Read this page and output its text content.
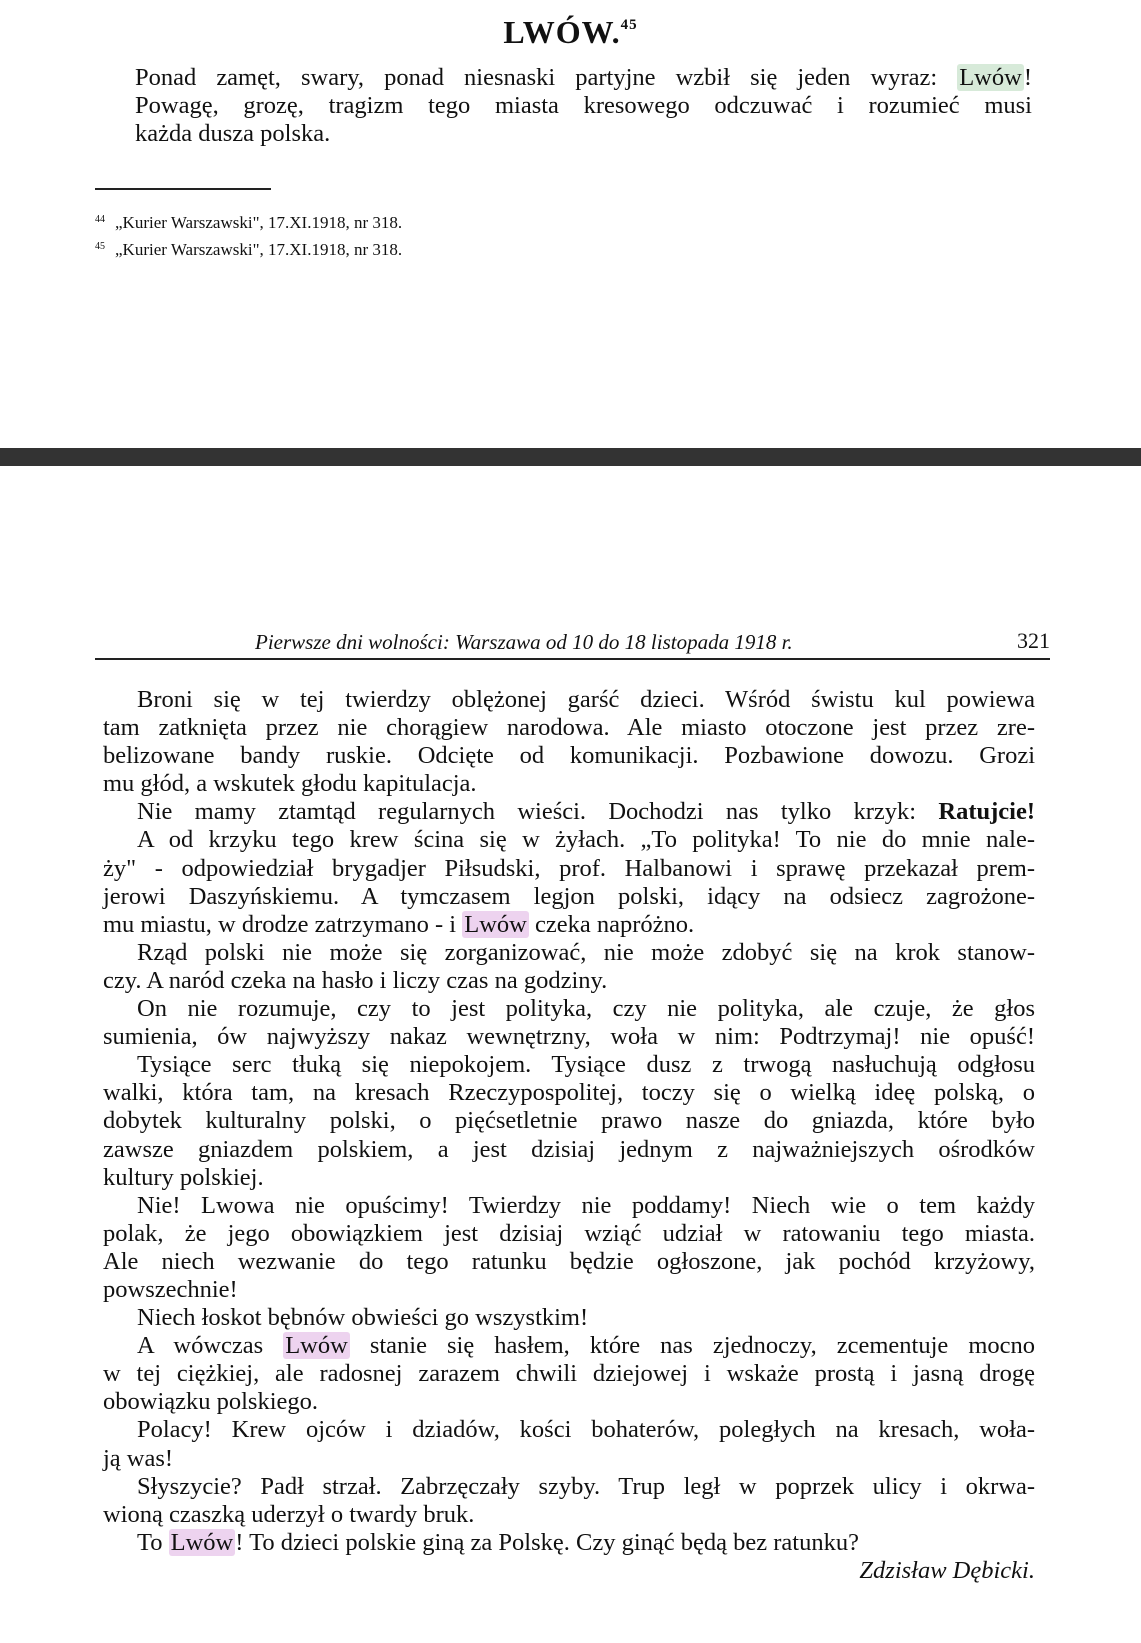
LWÓW.$^{45}$
Ponad zamęt, swary, ponad niesnaski partyjne wzbił się jeden wyraz: Lwów!
Powagę, grozę, tragizm tego miasta kresowego odczuwać i rozumieć musi
każda dusza polska.
$^{44}$ „Kurier Warszawski", 17.XI.1918, nr 318.
$^{45}$ „Kurier Warszawski", 17.XI.1918, nr 318.
Pierwsze dni wolności: Warszawa od 10 do 18 listopada 1918 r.	321
Broni się w tej twierdzy oblężonej garść dzieci. Wśród świstu kul powiewa
tam zatknięta przez nie chorągiew narodowa. Ale miasto otoczone jest przez zre-
belizowane bandy ruskie. Odcięte od komunikacji. Pozbawione dowozu. Grozi
mu głód, a wskutek głodu kapitulacja.
Nie mamy ztamtąd regularnych wieści. Dochodzi nas tylko krzyk: Ratujcie!
A od krzyku tego krew ścina się w żyłach. „To polityka! To nie do mnie nale-
ży" - odpowiedział brygadjer Piłsudski, prof. Halbanowi i sprawę przekazał prem-
jerowi Daszyńskiemu. A tymczasem legjon polski, idący na odsiecz zagrożone-
mu miastu, w drodze zatrzymano - i Lwów czeka napróżno.
Rząd polski nie może się zorganizować, nie może zdobyć się na krok stanow-
czy. A naród czeka na hasło i liczy czas na godziny.
On nie rozumuje, czy to jest polityka, czy nie polityka, ale czuje, że głos
sumienia, ów najwyższy nakaz wewnętrzny, woła w nim: Podtrzymaj! nie opuść!
Tysiące serc tłuką się niepokojem. Tysiące dusz z trwogą nasłuchują odgłosu
walki, która tam, na kresach Rzeczypospolitej, toczy się o wielką ideę polską, o
dobytek kulturalny polski, o pięćsetletnie prawo nasze do gniazda, które było
zawsze gniazdem polskiem, a jest dzisiaj jednym z najważniejszych ośrodków
kultury polskiej.
Nie! Lwowa nie opuścimy! Twierdzy nie poddamy! Niech wie o tem każdy
polak, że jego obowiązkiem jest dzisiaj wziąć udział w ratowaniu tego miasta.
Ale niech wezwanie do tego ratunku będzie ogłoszone, jak pochód krzyżowy,
powszechnie!
Niech łoskot bębnów obwieści go wszystkim!
A wówczas Lwów stanie się hasłem, które nas zjednoczy, zcementuje mocno
w tej ciężkiej, ale radosnej zarazem chwili dziejowej i wskaże prostą i jasną drogę
obowiązku polskiego.
Polacy! Krew ojców i dziadów, kości bohaterów, poległych na kresach, woła-
ją was!
Słyszycie? Padł strzał. Zabrzęczały szyby. Trup legł w poprzek ulicy i okrwa-
wioną czaszką uderzył o twardy bruk.
To Lwów! To dzieci polskie giną za Polskę. Czy ginąć będą bez ratunku?
Zdzisław Dębicki.
